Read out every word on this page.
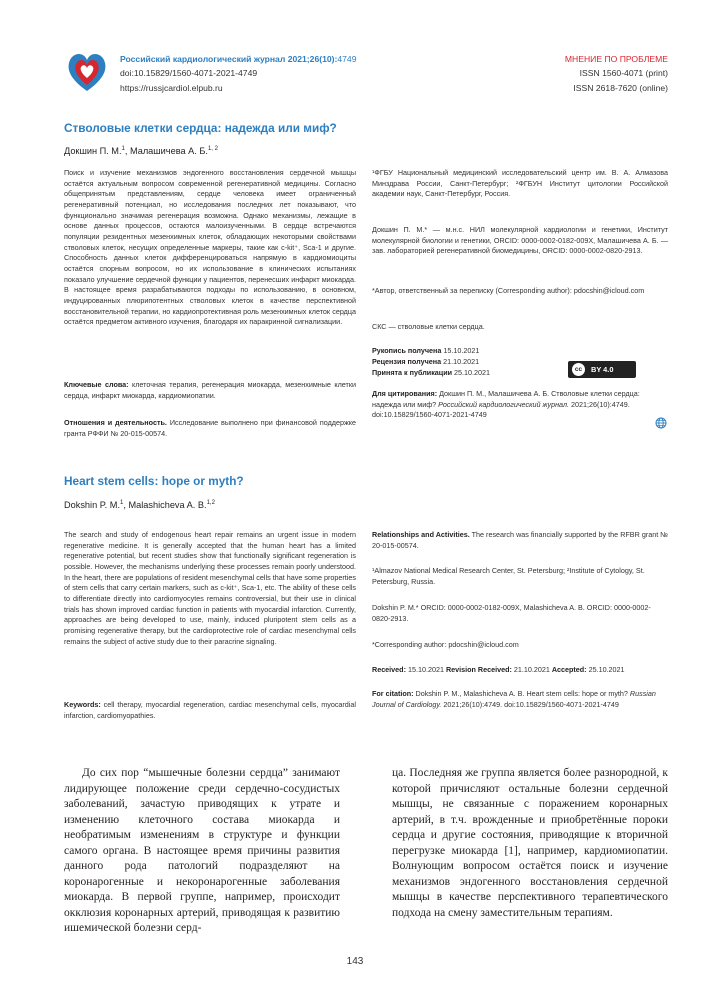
Российский кардиологический журнал 2021;26(10):4749
doi:10.15829/1560-4071-2021-4749
https://russjcardiol.elpub.ru
МНЕНИЕ ПО ПРОБЛЕМЕ
ISSN 1560-4071 (print)
ISSN 2618-7620 (online)
Стволовые клетки сердца: надежда или миф?
Докшин П. М.$^1$, Малашичева А. Б.$^{1, 2}$
Поиск и изучение механизмов эндогенного восстановления сердечной мышцы остаётся актуальным вопросом современной регенеративной медицины. Согласно общепринятым представлениям, сердце человека имеет ограниченный регенеративный потенциал, но исследования последних лет показывают, что функционально значимая регенерация возможна. Однако механизмы, лежащие в основе данных процессов, остаются малоизученными. В сердце встречаются популяции резидентных мезенхимных клеток, обладающих некоторыми свойствами стволовых клеток, несущих определенные маркеры, такие как c-kit⁺, Sca-1 и другие. Способность данных клеток дифференцироваться напрямую в кардиомиоциты остаётся спорным вопросом, но их использование в клинических испытаниях показало улучшение сердечной функции у пациентов, перенесших инфаркт миокарда. В настоящее время разрабатываются подходы по использованию, в основном, индуцированных плюрипотентных стволовых клеток в качестве перспективной восстановительной терапии, но кардиопротективная роль мезенхимных клеток сердца остаётся предметом активного изучения, благодаря их паракринной сигнализации.
Ключевые слова: клеточная терапия, регенерация миокарда, мезенхимные клетки сердца, инфаркт миокарда, кардиомиопатии.
Отношения и деятельность. Исследование выполнено при финансовой поддержке гранта РФФИ № 20-015-00574.
¹ФГБУ Национальный медицинский исследовательский центр им. В. А. Алмазова Минздрава России, Санкт-Петербург; ²ФГБУН Институт цитологии Российской академии наук, Санкт-Петербург, Россия.
Докшин П. М.* — м.н.с. НИЛ молекулярной кардиологии и генетики, Институт молекулярной биологии и генетики, ORCID: 0000-0002-0182-009X, Малашичева А. Б. — зав. лабораторией регенеративной биомедицины, ORCID: 0000-0002-0820-2913.
*Автор, ответственный за переписку (Corresponding author): pdocshin@icloud.com
СКС — стволовые клетки сердца.
Рукопись получена 15.10.2021
Рецензия получена 21.10.2021
Принята к публикации 25.10.2021	cc	BY 4.0
Для цитирования: Докшин П. М., Малашичева А. Б. Стволовые клетки сердца: надежда или миф? Российский кардиологический журнал. 2021;26(10):4749. doi:10.15829/1560-4071-2021-4749
Heart stem cells: hope or myth?
Dokshin P. M.$^1$, Malashicheva A. B.$^{1,2}$
The search and study of endogenous heart repair remains an urgent issue in modern regenerative medicine. It is generally accepted that the human heart has a limited regenerative potential, but recent studies show that functionally significant regeneration is possible. However, the mechanisms underlying these processes remain poorly understood. In the heart, there are populations of resident mesenchymal cells that have some properties of stem cells that carry certain markers, such as c-kit⁺, Sca-1, etc. The ability of these cells to differentiate directly into cardiomyocytes remains controversial, but their use in clinical trials has shown improved cardiac function in patients with myocardial infarction. Currently, approaches are being developed to use, mainly, induced pluripotent stem cells as a promising regenerative therapy, but the cardioprotective role of cardiac mesenchymal cells remains the subject of active study due to their paracrine signaling.
Keywords: cell therapy, myocardial regeneration, cardiac mesenchymal cells, myocardial infarction, cardiomyopathies.
Relationships and Activities. The research was financially supported by the RFBR grant № 20-015-00574.
¹Almazov National Medical Research Center, St. Petersburg; ²Institute of Cytology, St. Petersburg, Russia.
Dokshin P. M.* ORCID: 0000-0002-0182-009X, Malashicheva A. B. ORCID: 0000-0002-0820-2913.
*Corresponding author: pdocshin@icloud.com
Received: 15.10.2021 Revision Received: 21.10.2021 Accepted: 25.10.2021
For citation: Dokshin P. M., Malashicheva A. B. Heart stem cells: hope or myth? Russian Journal of Cardiology. 2021;26(10):4749. doi:10.15829/1560-4071-2021-4749
До сих пор “мышечные болезни сердца” занимают лидирующее положение среди сердечно-сосудистых заболеваний, зачастую приводящих к утрате и изменению клеточного состава миокарда и необратимым изменениям в структуре и функции самого органа. В настоящее время причины развития данного рода патологий подразделяют на коронарогенные и некоронарогенные заболевания миокарда. В первой группе, например, происходит окклюзия коронарных артерий, приводящая к развитию ишемической болезни серд-
ца. Последняя же группа является более разнородной, к которой причисляют остальные болезни сердечной мышцы, не связанные с поражением коронарных артерий, в т.ч. врожденные и приобретённые пороки сердца и другие состояния, приводящие к вторичной перегрузке миокарда [1], например, кардиомиопатии. Волнующим вопросом остаётся поиск и изучение механизмов эндогенного восстановления сердечной мышцы в качестве перспективного терапевтического подхода на смену заместительным терапиям.
143
